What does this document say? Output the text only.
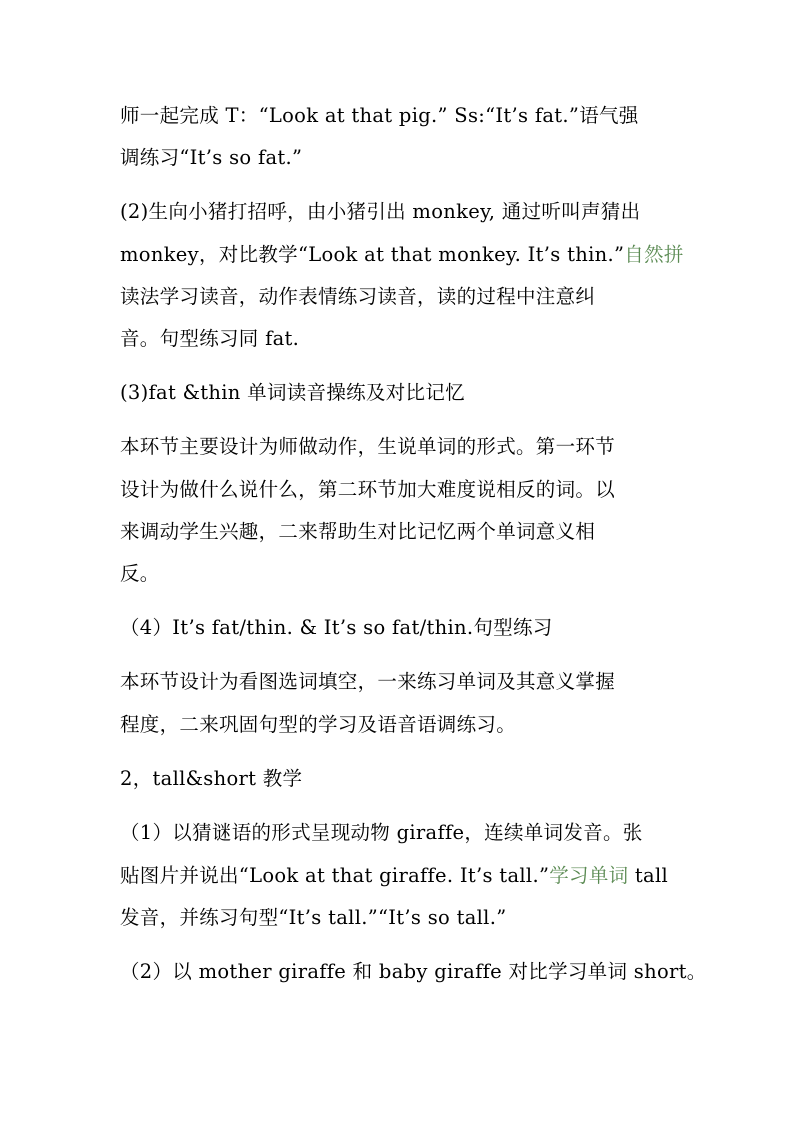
师一起完成 T：“Look at that pig.” Ss:“It’s fat.”语气强
调练习“It’s so fat.”
(2)生向小猪打招呼，由小猪引出 monkey, 通过听叫声猜出
monkey，对比教学“Look at that monkey. It’s thin.”自然拼
读法学习读音，动作表情练习读音，读的过程中注意纠
音。句型练习同 fat.
(3)fat &thin 单词读音操练及对比记忆
本环节主要设计为师做动作，生说单词的形式。第一环节
设计为做什么说什么，第二环节加大难度说相反的词。以
来调动学生兴趣，二来帮助生对比记忆两个单词意义相
反。
（4）It’s fat/thin. & It’s so fat/thin.句型练习
本环节设计为看图选词填空，一来练习单词及其意义掌握
程度，二来巩固句型的学习及语音语调练习。
2，tall&short 教学
（1）以猜谜语的形式呈现动物 giraffe，连续单词发音。张
贴图片并说出“Look at that giraffe. It’s tall.”学习单词 tall
发音，并练习句型“It’s tall.”“It’s so tall.”
（2）以 mother giraffe 和 baby giraffe 对比学习单词 short。
